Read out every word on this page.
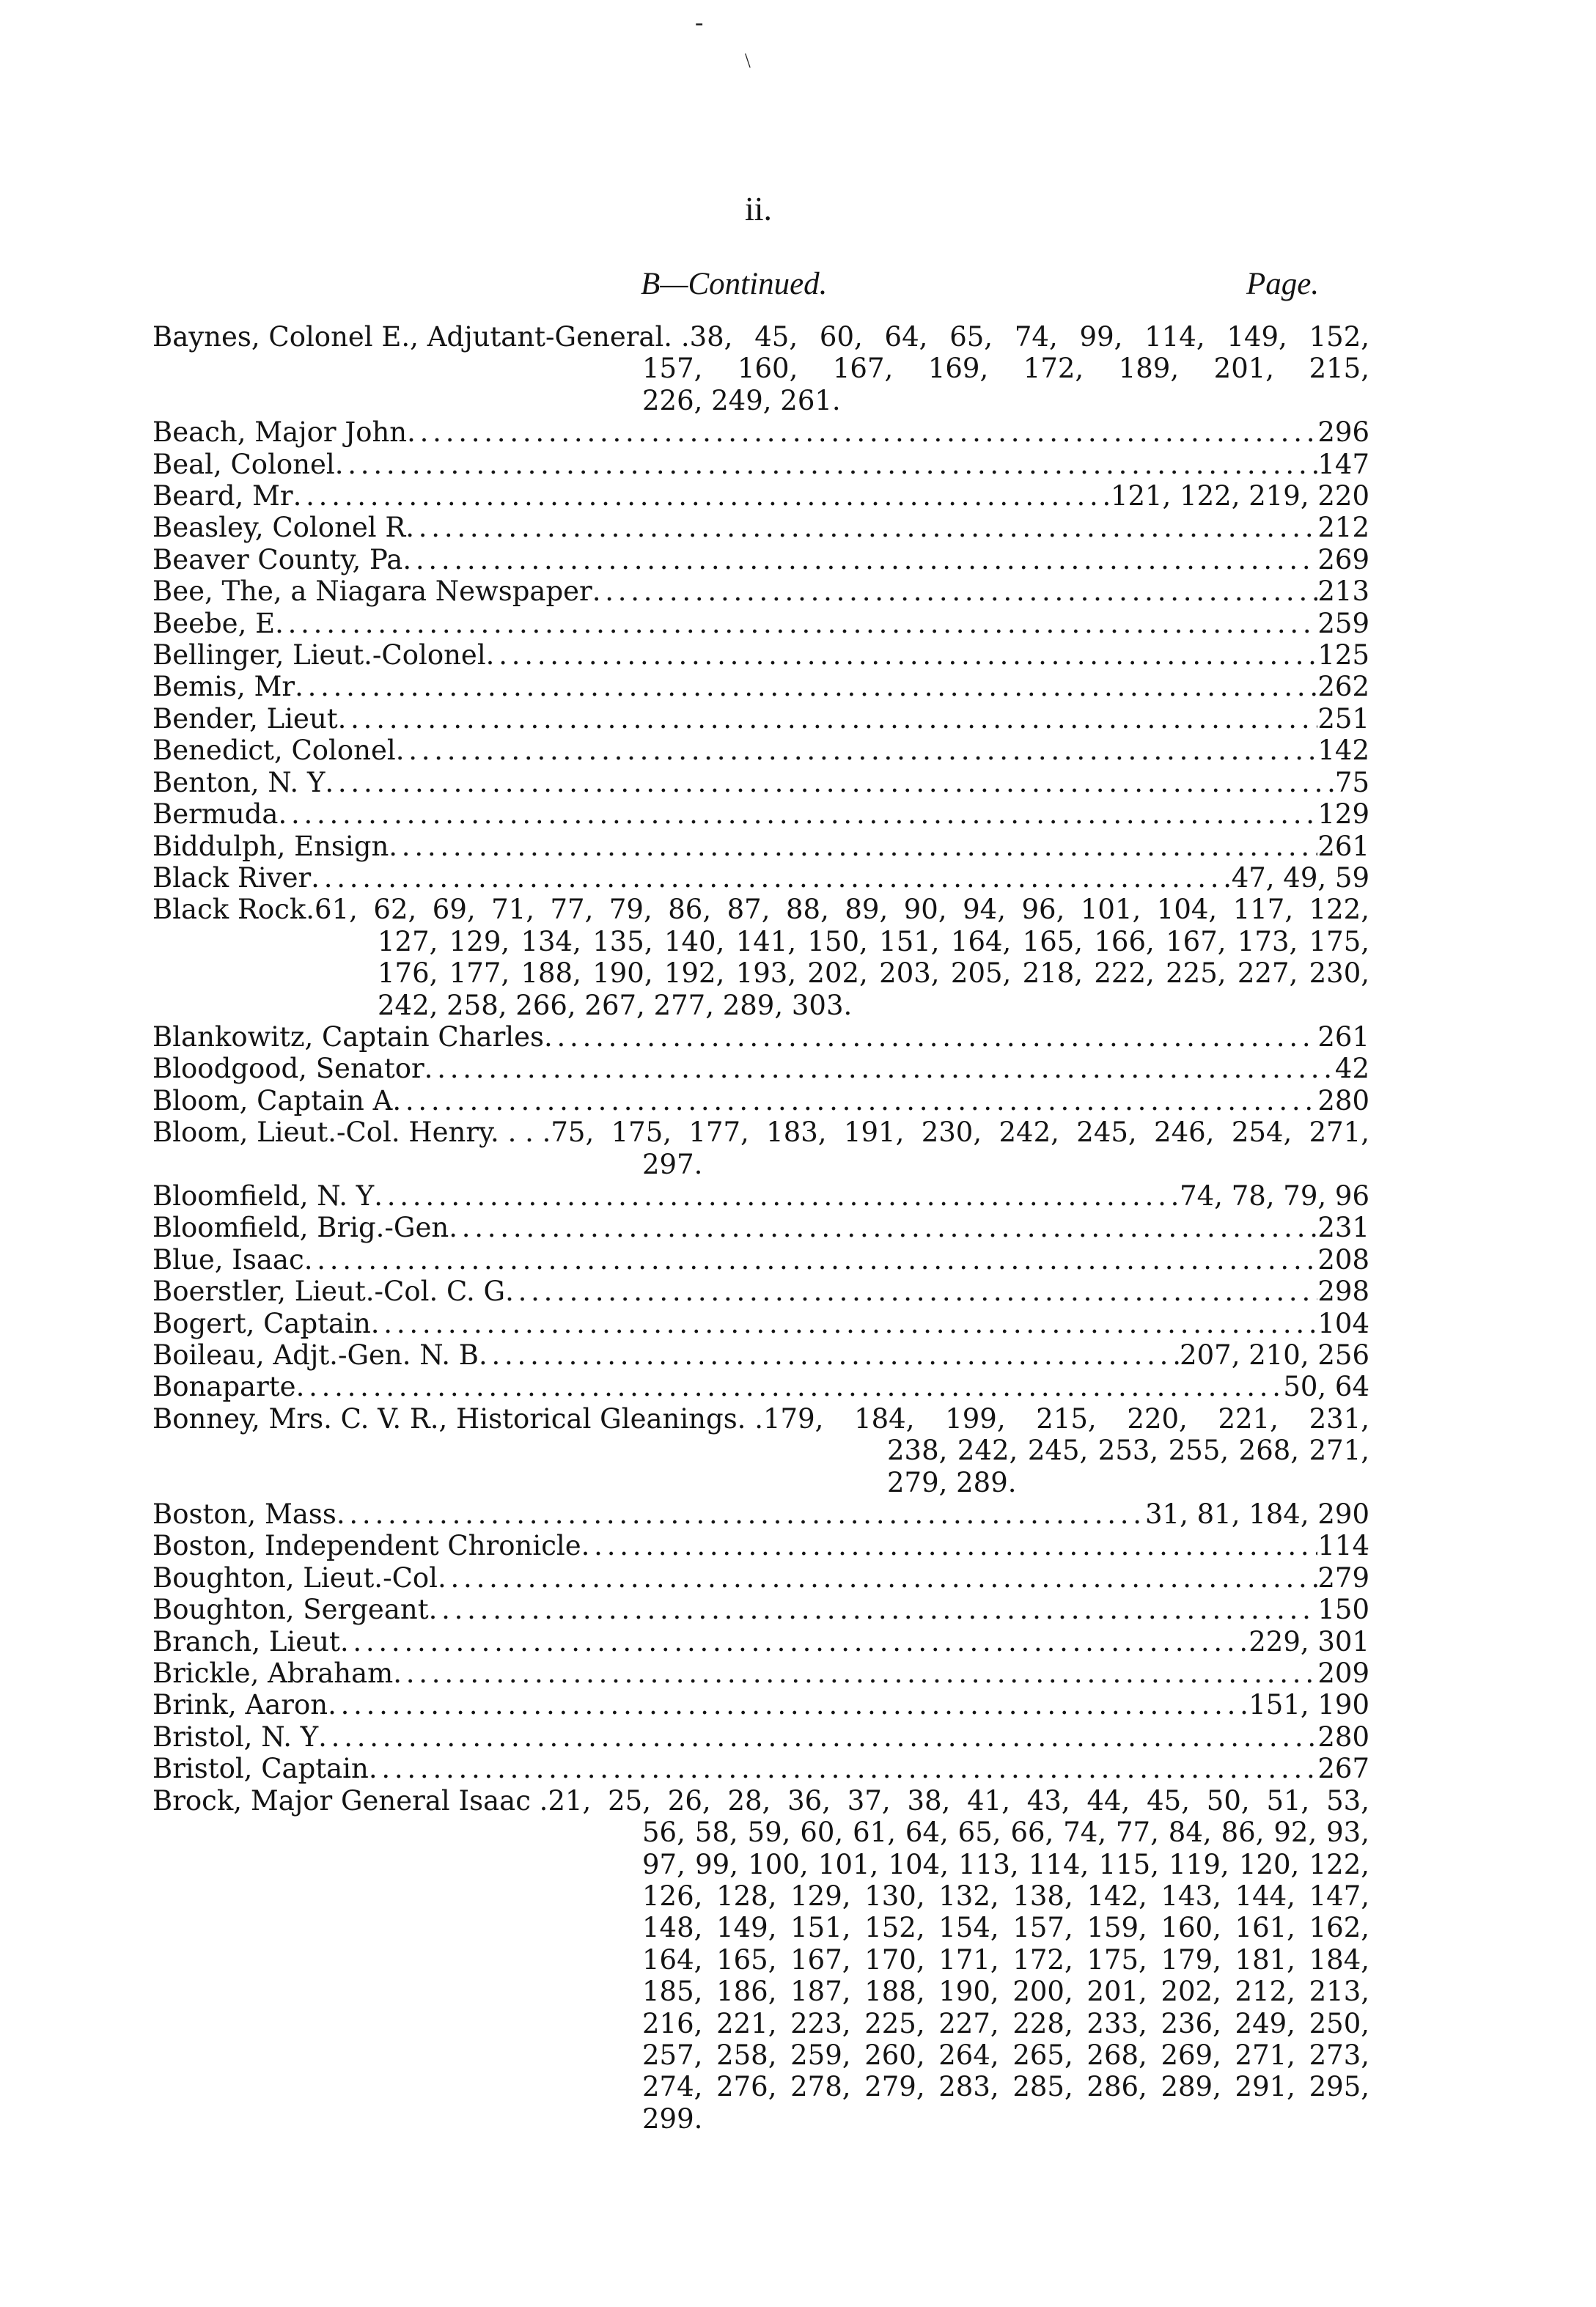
-
\
ii.
B—Continued.	Page.
Baynes, Colonel E., Adjutant-General. . 38, 45, 60, 64, 65, 74, 99, 114, 149, 152,
157, 160, 167, 169, 172, 189, 201, 215,
226, 249, 261.
Beach, Major John . . .	296
Beal, Colonel . . .	147
Beard, Mr . . .	121, 122, 219, 220
Beasley, Colonel R . . .	212
Beaver County, Pa . . .	269
Bee, The, a Niagara Newspaper . . .	213
Beebe, E . . .	259
Bellinger, Lieut.-Colonel . . .	125
Bemis, Mr . . .	262
Bender, Lieut . . .	251
Benedict, Colonel . . .	142
Benton, N. Y . . .	75
Bermuda . . .	129
Biddulph, Ensign . . .	261
Black River . . .	47, 49, 59
Black Rock. 61, 62, 69, 71, 77, 79, 86, 87, 88, 89, 90, 94, 96, 101, 104, 117, 122,
127, 129, 134, 135, 140, 141, 150, 151, 164, 165, 166, 167, 173, 175,
176, 177, 188, 190, 192, 193, 202, 203, 205, 218, 222, 225, 227, 230,
242, 258, 266, 267, 277, 289, 303.
Blankowitz, Captain Charles . . .	261
Bloodgood, Senator . . .	42
Bloom, Captain A . . .	280
Bloom, Lieut.-Col. Henry. . . . 75, 175, 177, 183, 191, 230, 242, 245, 246, 254, 271,
297.
Bloomfield, N. Y . . .	74, 78, 79, 96
Bloomfield, Brig.-Gen . . .	231
Blue, Isaac . . .	208
Boerstler, Lieut.-Col. C. G . . .	298
Bogert, Captain . . .	104
Boileau, Adjt.-Gen. N. B . . .	207, 210, 256
Bonaparte . . .	50, 64
Bonney, Mrs. C. V. R., Historical Gleanings. . 179, 184, 199, 215, 220, 221, 231,
238, 242, 245, 253, 255, 268, 271,
279, 289.
Boston, Mass . . .	31, 81, 184, 290
Boston, Independent Chronicle . . .	114
Boughton, Lieut.-Col . . .	279
Boughton, Sergeant . . .	150
Branch, Lieut . . .	229, 301
Brickle, Abraham . . .	209
Brink, Aaron . . .	151, 190
Bristol, N. Y . . .	280
Bristol, Captain . . .	267
Brock, Major General Isaac . 21, 25, 26, 28, 36, 37, 38, 41, 43, 44, 45, 50, 51, 53,
56, 58, 59, 60, 61, 64, 65, 66, 74, 77, 84, 86, 92, 93,
97, 99, 100, 101, 104, 113, 114, 115, 119, 120, 122,
126, 128, 129, 130, 132, 138, 142, 143, 144, 147,
148, 149, 151, 152, 154, 157, 159, 160, 161, 162,
164, 165, 167, 170, 171, 172, 175, 179, 181, 184,
185, 186, 187, 188, 190, 200, 201, 202, 212, 213,
216, 221, 223, 225, 227, 228, 233, 236, 249, 250,
257, 258, 259, 260, 264, 265, 268, 269, 271, 273,
274, 276, 278, 279, 283, 285, 286, 289, 291, 295,
299.
